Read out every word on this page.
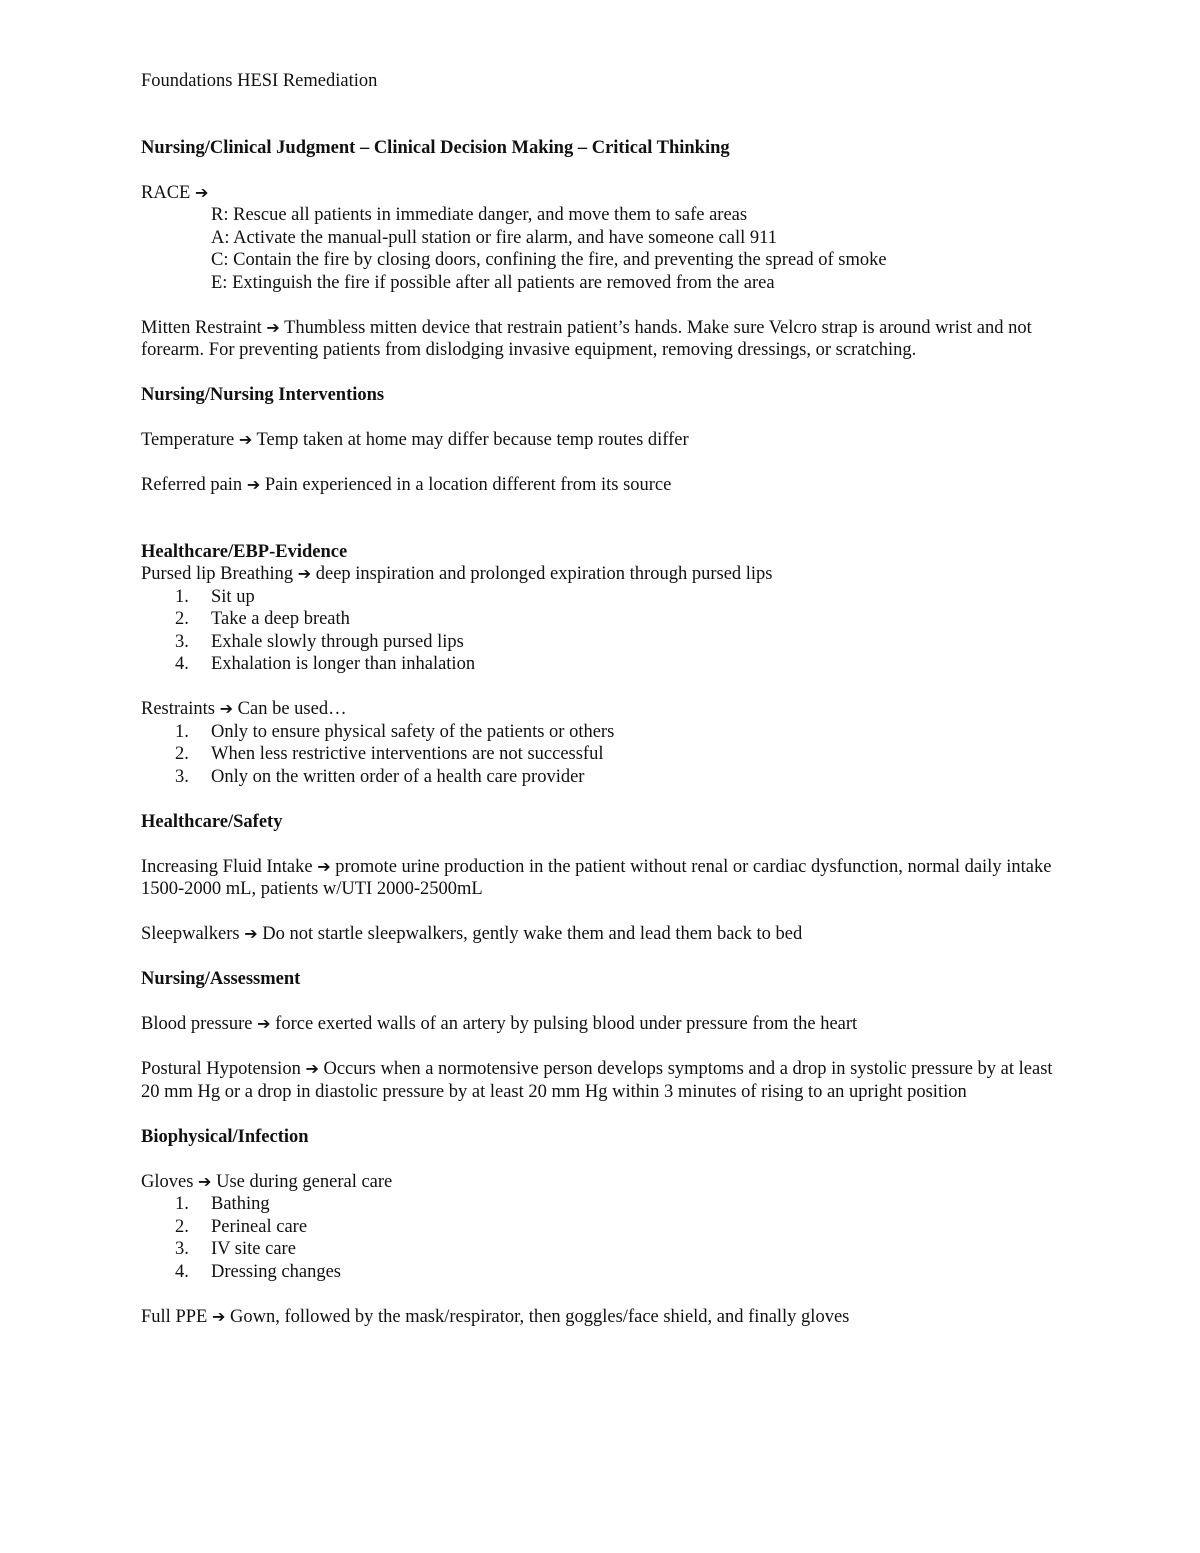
Foundations HESI Remediation

Nursing/Clinical Judgment – Clinical Decision Making – Critical Thinking

RACE ➔

R: Rescue all patients in immediate danger, and move them to safe areas
A: Activate the manual-pull station or fire alarm, and have someone call 911
C: Contain the fire by closing doors, confining the fire, and preventing the spread of smoke
E: Extinguish the fire if possible after all patients are removed from the area

Mitten Restraint ➔ Thumbless mitten device that restrain patient’s hands. Make sure Velcro strap is around wrist and not forearm. For preventing patients from dislodging invasive equipment, removing dressings, or scratching.

Nursing/Nursing Interventions

Temperature ➔ Temp taken at home may differ because temp routes differ

Referred pain ➔ Pain experienced in a location different from its source

Healthcare/EBP-Evidence

Pursed lip Breathing ➔ deep inspiration and prolonged expiration through pursed lips

1.	Sit up
2.	Take a deep breath
3.	Exhale slowly through pursed lips
4.	Exhalation is longer than inhalation

Restraints ➔ Can be used…

1.	Only to ensure physical safety of the patients or others
2.	When less restrictive interventions are not successful
3.	Only on the written order of a health care provider

Healthcare/Safety

Increasing Fluid Intake ➔ promote urine production in the patient without renal or cardiac dysfunction, normal daily intake 1500-2000 mL, patients w/UTI 2000-2500mL

Sleepwalkers ➔ Do not startle sleepwalkers, gently wake them and lead them back to bed

Nursing/Assessment

Blood pressure ➔ force exerted walls of an artery by pulsing blood under pressure from the heart

Postural Hypotension ➔ Occurs when a normotensive person develops symptoms and a drop in systolic pressure by at least 20 mm Hg or a drop in diastolic pressure by at least 20 mm Hg within 3 minutes of rising to an upright position

Biophysical/Infection

Gloves ➔ Use during general care

1.	Bathing
2.	Perineal care
3.	IV site care
4.	Dressing changes

Full PPE ➔ Gown, followed by the mask/respirator, then goggles/face shield, and finally gloves
